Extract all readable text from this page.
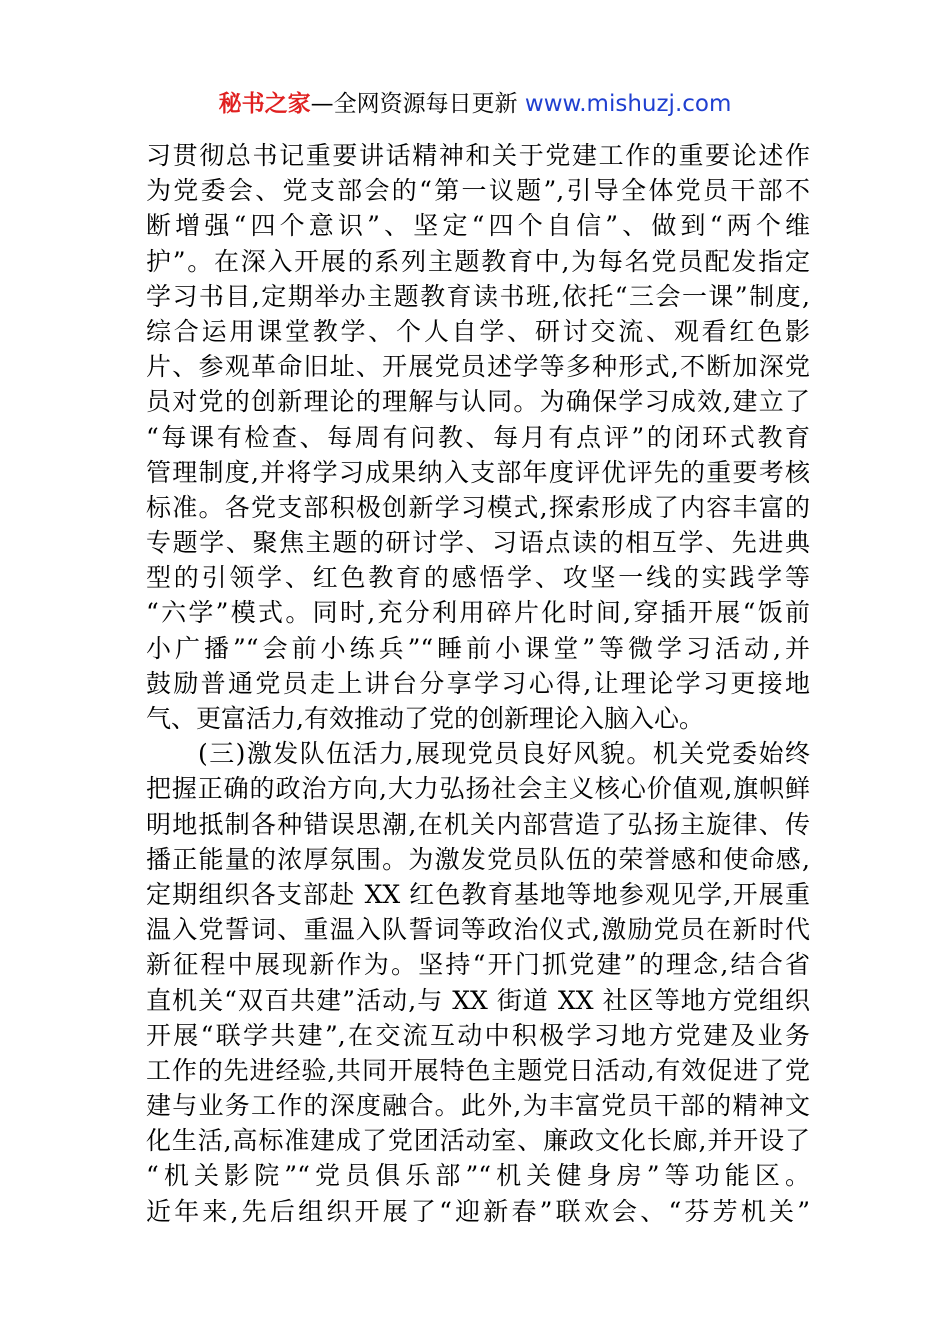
秘书之家—全网资源每日更新 www.mishuzj.com
习贯彻总书记重要讲话精神和关于党建工作的重要论述作
为党委会、党支部会的“第一议题”,引导全体党员干部不
断增强“四个意识”、坚定“四个自信”、做到“两个维
护”。在深入开展的系列主题教育中,为每名党员配发指定
学习书目,定期举办主题教育读书班,依托“三会一课”制度,
综合运用课堂教学、个人自学、研讨交流、观看红色影
片、参观革命旧址、开展党员述学等多种形式,不断加深党
员对党的创新理论的理解与认同。为确保学习成效,建立了
“每课有检查、每周有问教、每月有点评”的闭环式教育
管理制度,并将学习成果纳入支部年度评优评先的重要考核
标准。各党支部积极创新学习模式,探索形成了内容丰富的
专题学、聚焦主题的研讨学、习语点读的相互学、先进典
型的引领学、红色教育的感悟学、攻坚一线的实践学等
“六学”模式。同时,充分利用碎片化时间,穿插开展“饭前
小广播”“会前小练兵”“睡前小课堂”等微学习活动,并
鼓励普通党员走上讲台分享学习心得,让理论学习更接地
气、更富活力,有效推动了党的创新理论入脑入心。
(三)激发队伍活力,展现党员良好风貌。机关党委始终
把握正确的政治方向,大力弘扬社会主义核心价值观,旗帜鲜
明地抵制各种错误思潮,在机关内部营造了弘扬主旋律、传
播正能量的浓厚氛围。为激发党员队伍的荣誉感和使命感,
定期组织各支部赴 XX 红色教育基地等地参观见学,开展重
温入党誓词、重温入队誓词等政治仪式,激励党员在新时代
新征程中展现新作为。坚持“开门抓党建”的理念,结合省
直机关“双百共建”活动,与 XX 街道 XX 社区等地方党组织
开展“联学共建”,在交流互动中积极学习地方党建及业务
工作的先进经验,共同开展特色主题党日活动,有效促进了党
建与业务工作的深度融合。此外,为丰富党员干部的精神文
化生活,高标准建成了党团活动室、廉政文化长廊,并开设了
“机关影院”“党员俱乐部”“机关健身房”等功能区。
近年来,先后组织开展了“迎新春”联欢会、“芬芳机关”
